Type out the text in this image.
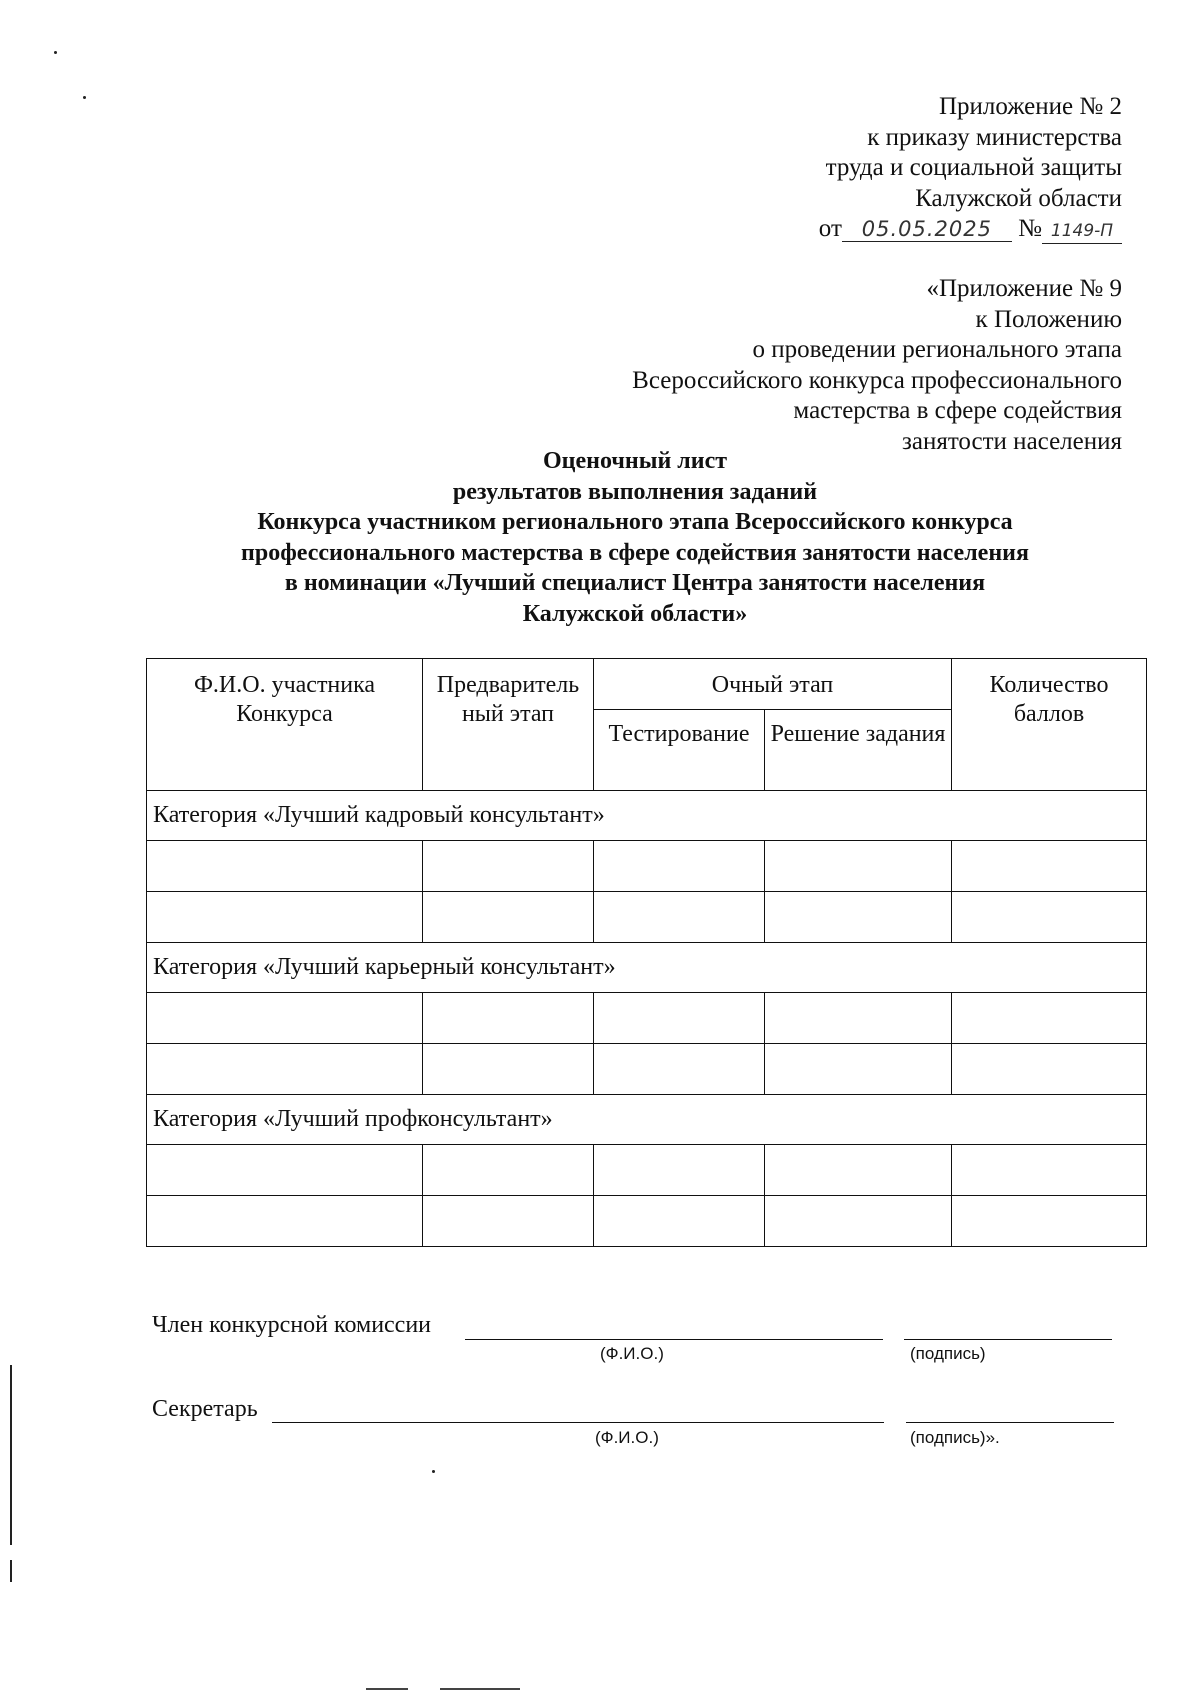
Приложение № 2
к приказу министерства
труда и социальной защиты
Калужской области
от 05.05.2025 № 1149-П
«Приложение № 9
к Положению
о проведении регионального этапа
Всероссийского конкурса профессионального
мастерства в сфере содействия
занятости населения
Оценочный лист
результатов выполнения заданий
Конкурса участником регионального этапа Всероссийского конкурса
профессионального мастерства в сфере содействия занятости населения
в номинации «Лучший специалист Центра занятости населения
Калужской области»
Ф.И.О. участника Конкурса	Предваритель ный этап	Очный этап		Количество баллов
		Тестирование	Решение задания	
Категория «Лучший кадровый консультант»				

Категория «Лучший карьерный консультант»				

Категория «Лучший профконсультант»				

Член конкурсной комиссии
(Ф.И.О.)	(подпись)
Секретарь
(Ф.И.О.)	(подпись)».
